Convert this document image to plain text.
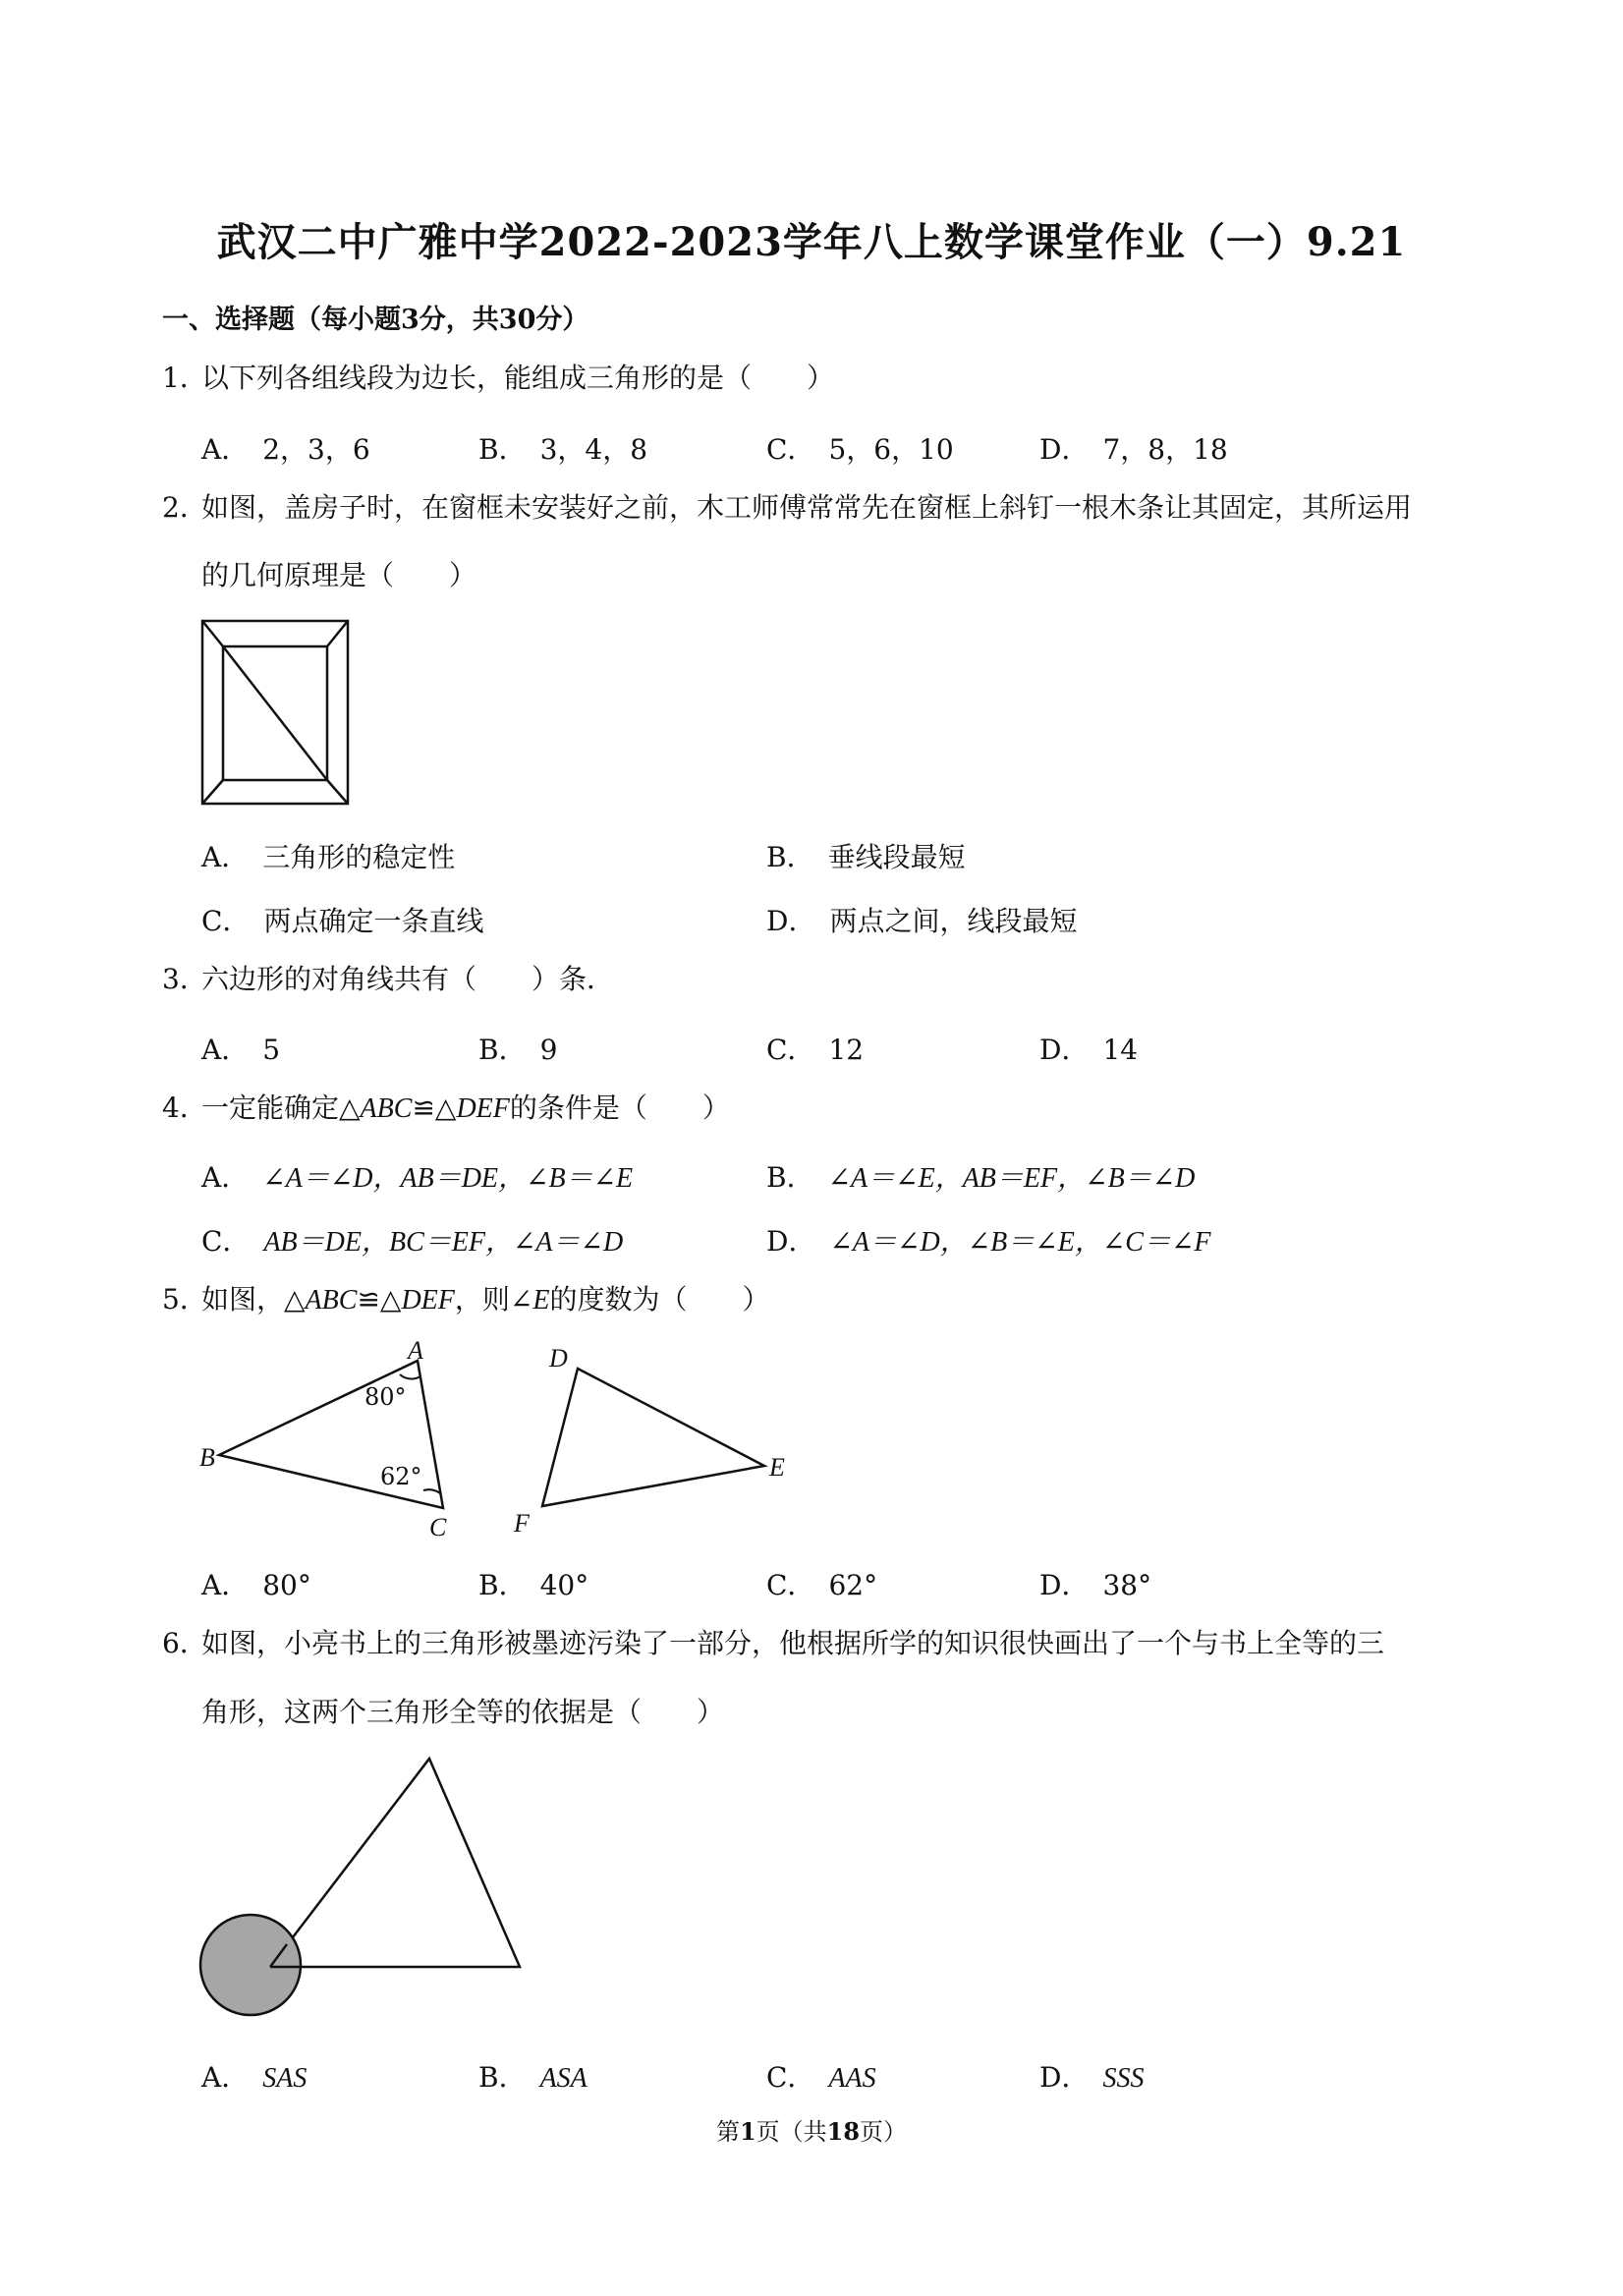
武汉二中广雅中学2022-2023学年八上数学课堂作业（一）9.21
一、选择题（每小题3分，共30分）
1．以下列各组线段为边长，能组成三角形的是（　　）
A． 2，3，6	B． 3，4，8	C． 5，6，10	D． 7，8，18
2．如图，盖房子时，在窗框未安装好之前，木工师傅常常先在窗框上斜钉一根木条让其固定，其所运用
的几何原理是（　　）
A． 三角形的稳定性	B． 垂线段最短
C． 两点确定一条直线	D． 两点之间，线段最短
3．六边形的对角线共有（　　）条．
A． 5	B． 9	C． 12	D． 14
4．一定能确定△ABC≌△DEF的条件是（　　）
A． ∠A＝∠D，AB＝DE，∠B＝∠E	B． ∠A＝∠E，AB＝EF，∠B＝∠D
C． AB＝DE，BC＝EF，∠A＝∠D	D． ∠A＝∠D，∠B＝∠E，∠C＝∠F
5．如图，△ABC≌△DEF，则∠E的度数为（　　）
A
B
C
D
E
F
80°
62°
A． 80°	B． 40°	C． 62°	D． 38°
6．如图，小亮书上的三角形被墨迹污染了一部分，他根据所学的知识很快画出了一个与书上全等的三
角形，这两个三角形全等的依据是（　　）
A． SAS	B． ASA	C． AAS	D． SSS
第1页（共18页）
